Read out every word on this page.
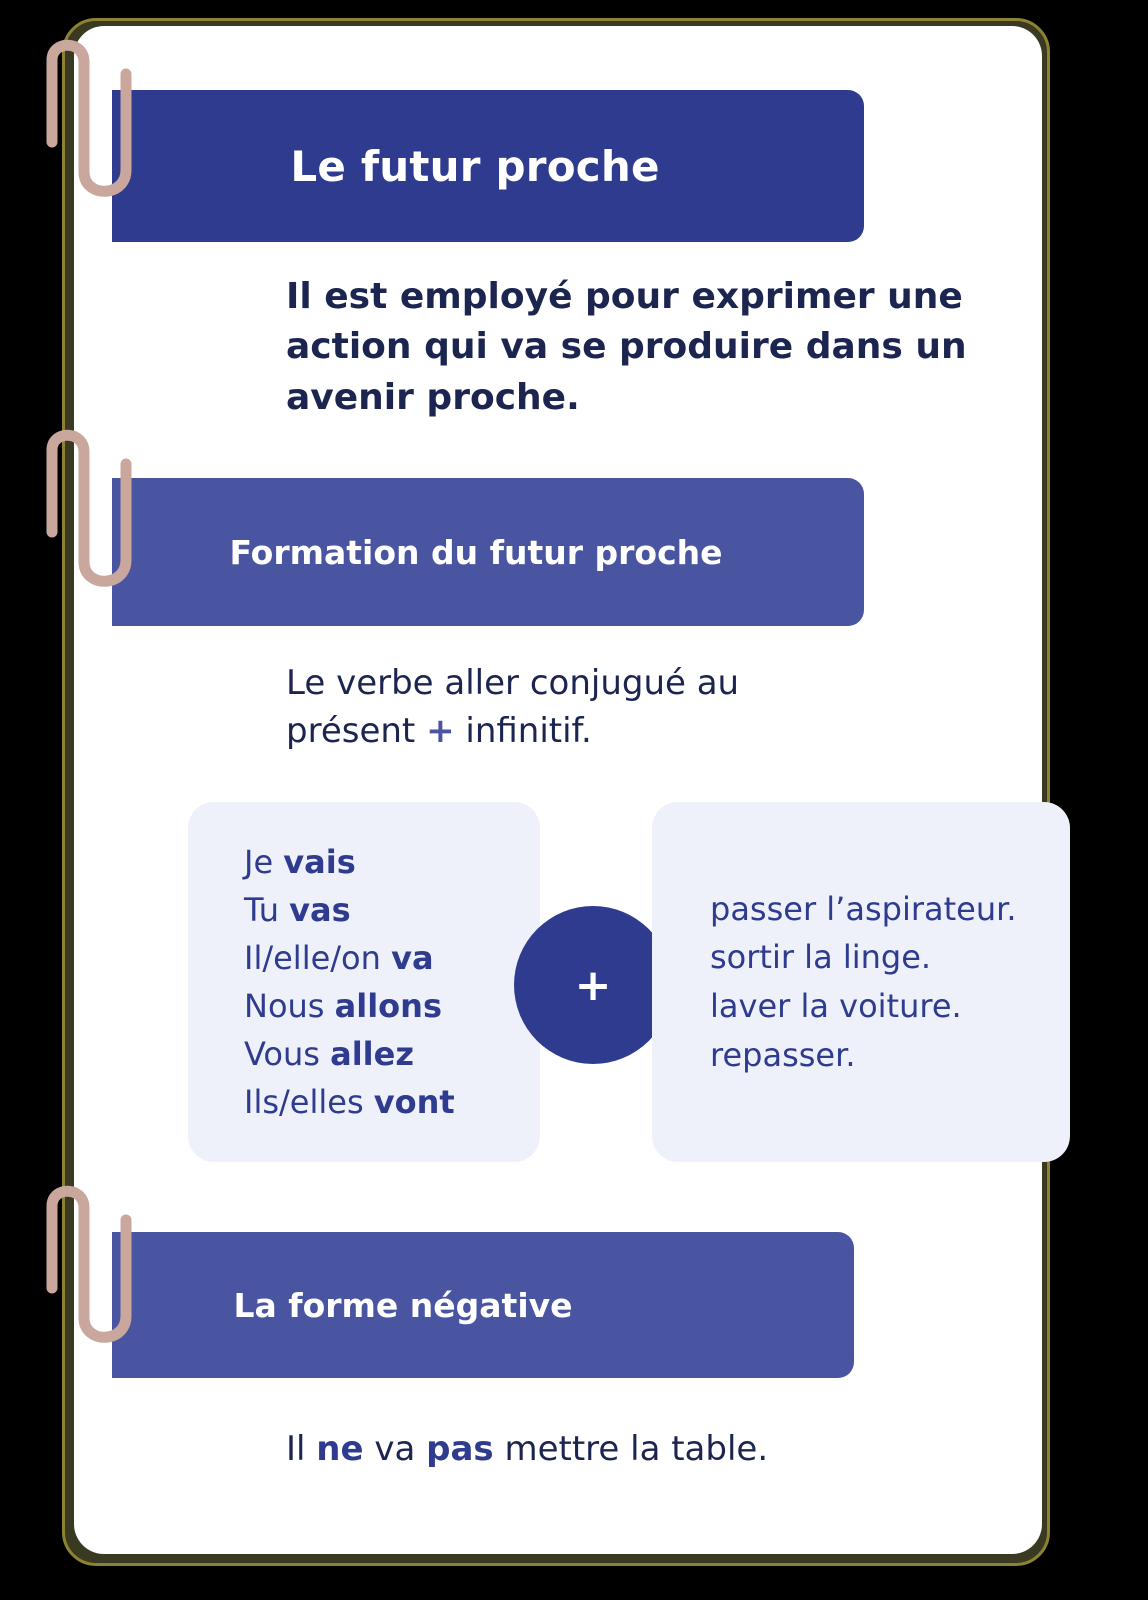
Le futur proche
Il est employé pour exprimer une action qui va se produire dans un avenir proche.
Formation du futur proche
Le verbe aller conjugué au présent + infinitif.
Je vais
Tu vas
Il/elle/on va
Nous allons
Vous allez
Ils/elles vont
+
passer l’aspirateur.
sortir la linge.
laver la voiture.
repasser.
La forme négative
Il ne va pas mettre la table.
